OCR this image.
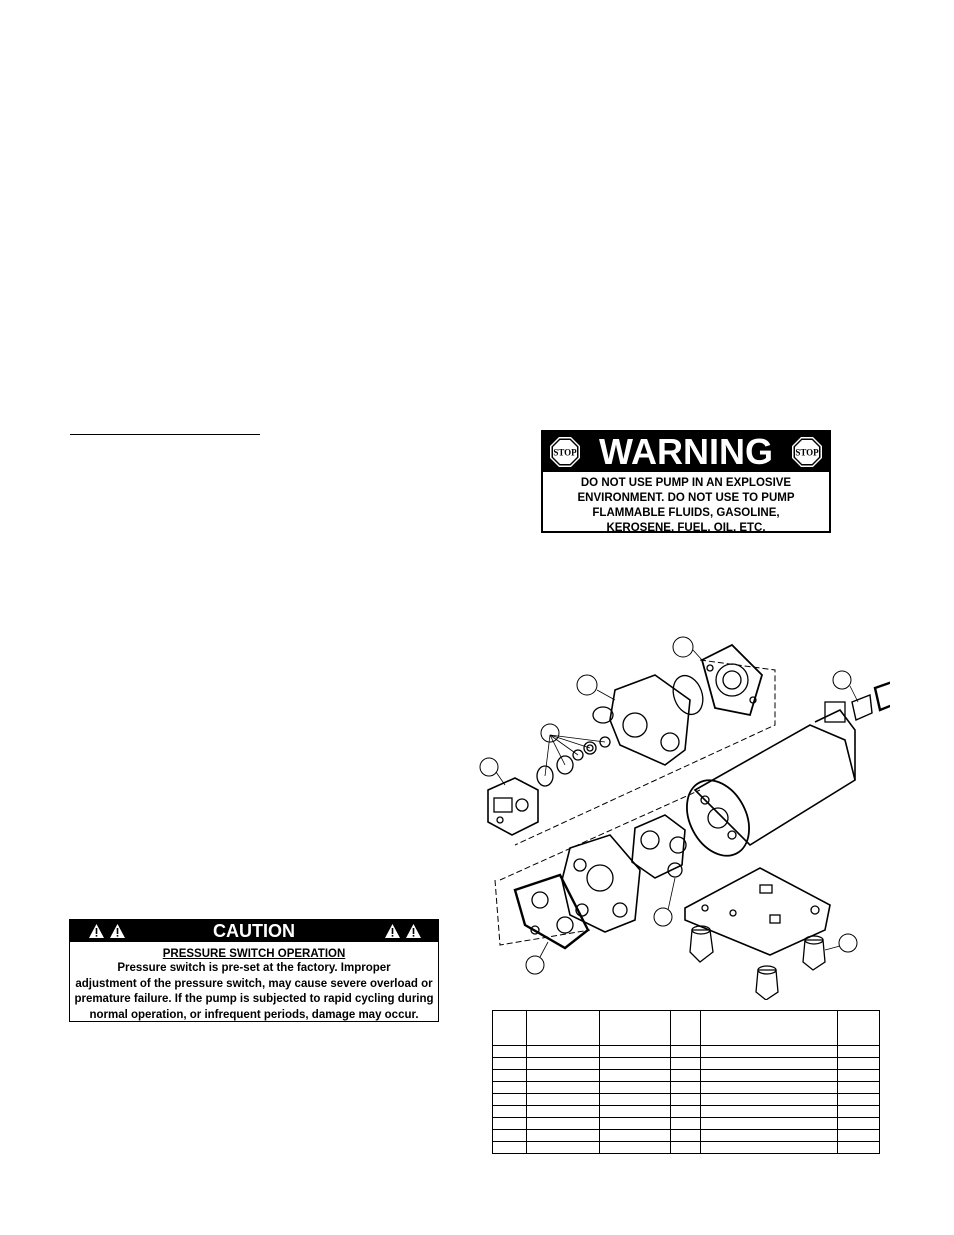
STOP WARNING STOP
DO NOT USE PUMP IN AN EXPLOSIVE
ENVIRONMENT. DO NOT USE TO PUMP
FLAMMABLE FLUIDS, GASOLINE,
KEROSENE, FUEL, OIL, ETC.
CAUTION
PRESSURE SWITCH OPERATION
Pressure switch is pre-set at the factory. Improper
adjustment of the pressure switch, may cause severe overload or
premature failure. If the pump is subjected to rapid cycling during
normal operation, or infrequent periods, damage may occur.
